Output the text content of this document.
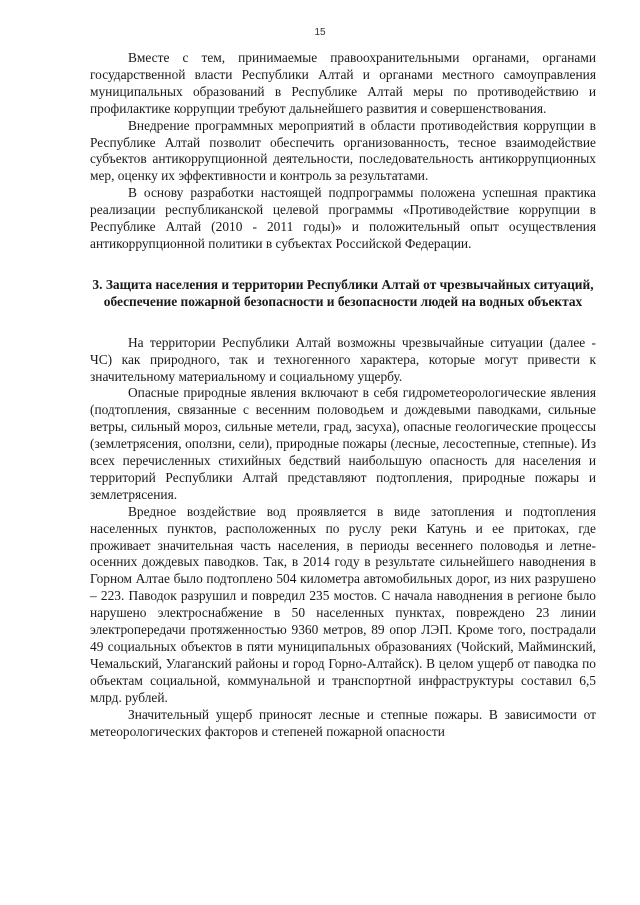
15

Вместе с тем, принимаемые правоохранительными органами, органами государственной власти Республики Алтай и органами местного самоуправления муниципальных образований в Республике Алтай меры по противодействию и профилактике коррупции требуют дальнейшего развития и совершенствования.

Внедрение программных мероприятий в области противодействия коррупции в Республике Алтай позволит обеспечить организованность, тесное взаимодействие субъектов антикоррупционной деятельности, последовательность антикоррупционных мер, оценку их эффективности и контроль за результатами.

В основу разработки настоящей подпрограммы положена успешная практика реализации республиканской целевой программы «Противодействие коррупции в Республике Алтай (2010 - 2011 годы)» и положительный опыт осуществления антикоррупционной политики в субъектах Российской Федерации.

3. Защита населения и территории Республики Алтай от чрезвычайных ситуаций, обеспечение пожарной безопасности и безопасности людей на водных объектах

На территории Республики Алтай возможны чрезвычайные ситуации (далее - ЧС) как природного, так и техногенного характера, которые могут привести к значительному материальному и социальному ущербу.

Опасные природные явления включают в себя гидрометеорологические явления (подтопления, связанные с весенним половодьем и дождевыми паводками, сильные ветры, сильный мороз, сильные метели, град, засуха), опасные геологические процессы (землетрясения, оползни, сели), природные пожары (лесные, лесостепные, степные). Из всех перечисленных стихийных бедствий наибольшую опасность для населения и территорий Республики Алтай представляют подтопления, природные пожары и землетрясения.

Вредное воздействие вод проявляется в виде затопления и подтопления населенных пунктов, расположенных по руслу реки Катунь и ее притоках, где проживает значительная часть населения, в периоды весеннего половодья и летне-осенних дождевых паводков. Так, в 2014 году в результате сильнейшего наводнения в Горном Алтае было подтоплено 504 километра автомобильных дорог, из них разрушено – 223. Паводок разрушил и повредил 235 мостов. С начала наводнения в регионе было нарушено электроснабжение в 50 населенных пунктах, повреждено 23 линии электропередачи протяженностью 9360 метров, 89 опор ЛЭП. Кроме того, пострадали 49 социальных объектов в пяти муниципальных образованиях (Чойский, Майминский, Чемальский, Улаганский районы и город Горно-Алтайск). В целом ущерб от паводка по объектам социальной, коммунальной и транспортной инфраструктуры составил 6,5 млрд. рублей.

Значительный ущерб приносят лесные и степные пожары. В зависимости от метеорологических факторов и степеней пожарной опасности
